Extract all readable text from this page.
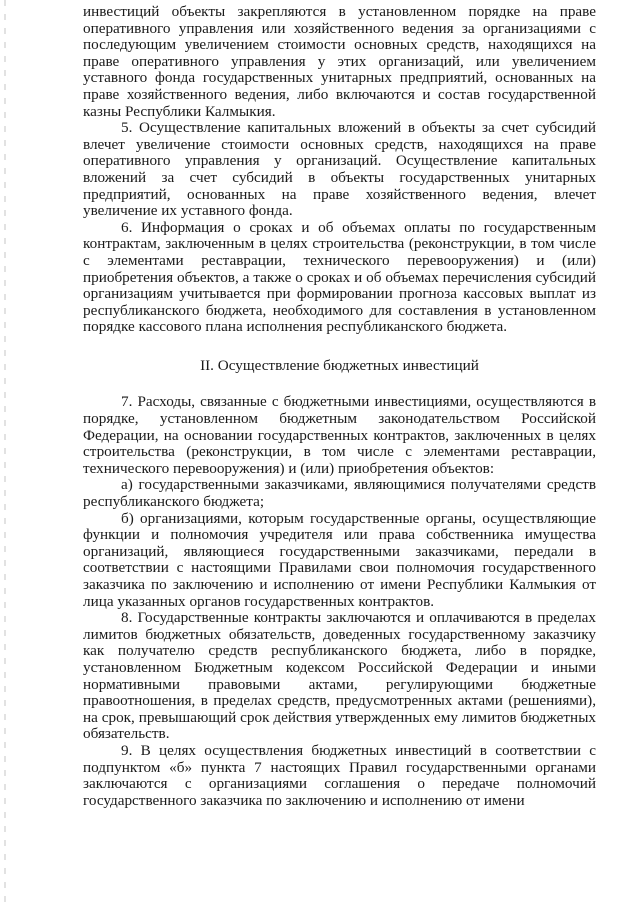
инвестиций объекты закрепляются в установленном порядке на праве оперативного управления или хозяйственного ведения за организациями с последующим увеличением стоимости основных средств, находящихся на праве оперативного управления у этих организаций, или увеличением уставного фонда государственных унитарных предприятий, основанных на праве хозяйственного ведения, либо включаются и состав государственной казны Республики Калмыкия.

5. Осуществление капитальных вложений в объекты за счет субсидий влечет увеличение стоимости основных средств, находящихся на праве оперативного управления у организаций. Осуществление капитальных вложений за счет субсидий в объекты государственных унитарных предприятий, основанных на праве хозяйственного ведения, влечет увеличение их уставного фонда.

6. Информация о сроках и об объемах оплаты по государственным контрактам, заключенным в целях строительства (реконструкции, в том числе с элементами реставрации, технического перевооружения) и (или) приобретения объектов, а также о сроках и об объемах перечисления субсидий организациям учитывается при формировании прогноза кассовых выплат из республиканского бюджета, необходимого для составления в установленном порядке кассового плана исполнения республиканского бюджета.

II. Осуществление бюджетных инвестиций

7. Расходы, связанные с бюджетными инвестициями, осуществляются в порядке, установленном бюджетным законодательством Российской Федерации, на основании государственных контрактов, заключенных в целях строительства (реконструкции, в том числе с элементами реставрации, технического перевооружения) и (или) приобретения объектов:

а) государственными заказчиками, являющимися получателями средств республиканского бюджета;

б) организациями, которым государственные органы, осуществляющие функции и полномочия учредителя или права собственника имущества организаций, являющиеся государственными заказчиками, передали в соответствии с настоящими Правилами свои полномочия государственного заказчика по заключению и исполнению от имени Республики Калмыкия от лица указанных органов государственных контрактов.

8. Государственные контракты заключаются и оплачиваются в пределах лимитов бюджетных обязательств, доведенных государственному заказчику как получателю средств республиканского бюджета, либо в порядке, установленном Бюджетным кодексом Российской Федерации и иными нормативными правовыми актами, регулирующими бюджетные правоотношения, в пределах средств, предусмотренных актами (решениями), на срок, превышающий срок действия утвержденных ему лимитов бюджетных обязательств.

9. В целях осуществления бюджетных инвестиций в соответствии с подпунктом «б» пункта 7 настоящих Правил государственными органами заключаются с организациями соглашения о передаче полномочий государственного заказчика по заключению и исполнению от имени
